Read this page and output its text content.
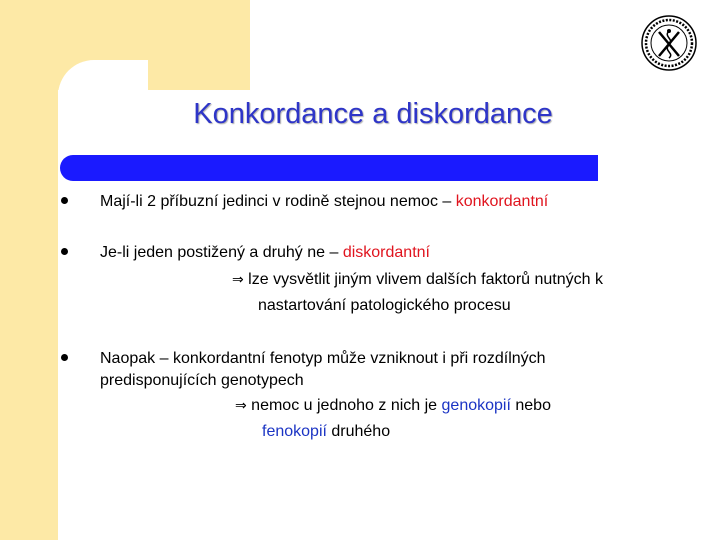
Konkordance a diskordance
Mají-li 2 příbuzní jedinci v rodině stejnou nemoc – konkordantní
Je-li jeden postižený a druhý ne – diskordantní
⇒ lze vysvětlit jiným vlivem dalších faktorů nutných k
nastartování patologického procesu
Naopak – konkordantní fenotyp může vzniknout i při rozdílných
predisponujících genotypech
⇒ nemoc u jednoho z nich je genokopií nebo
fenokopií druhého
